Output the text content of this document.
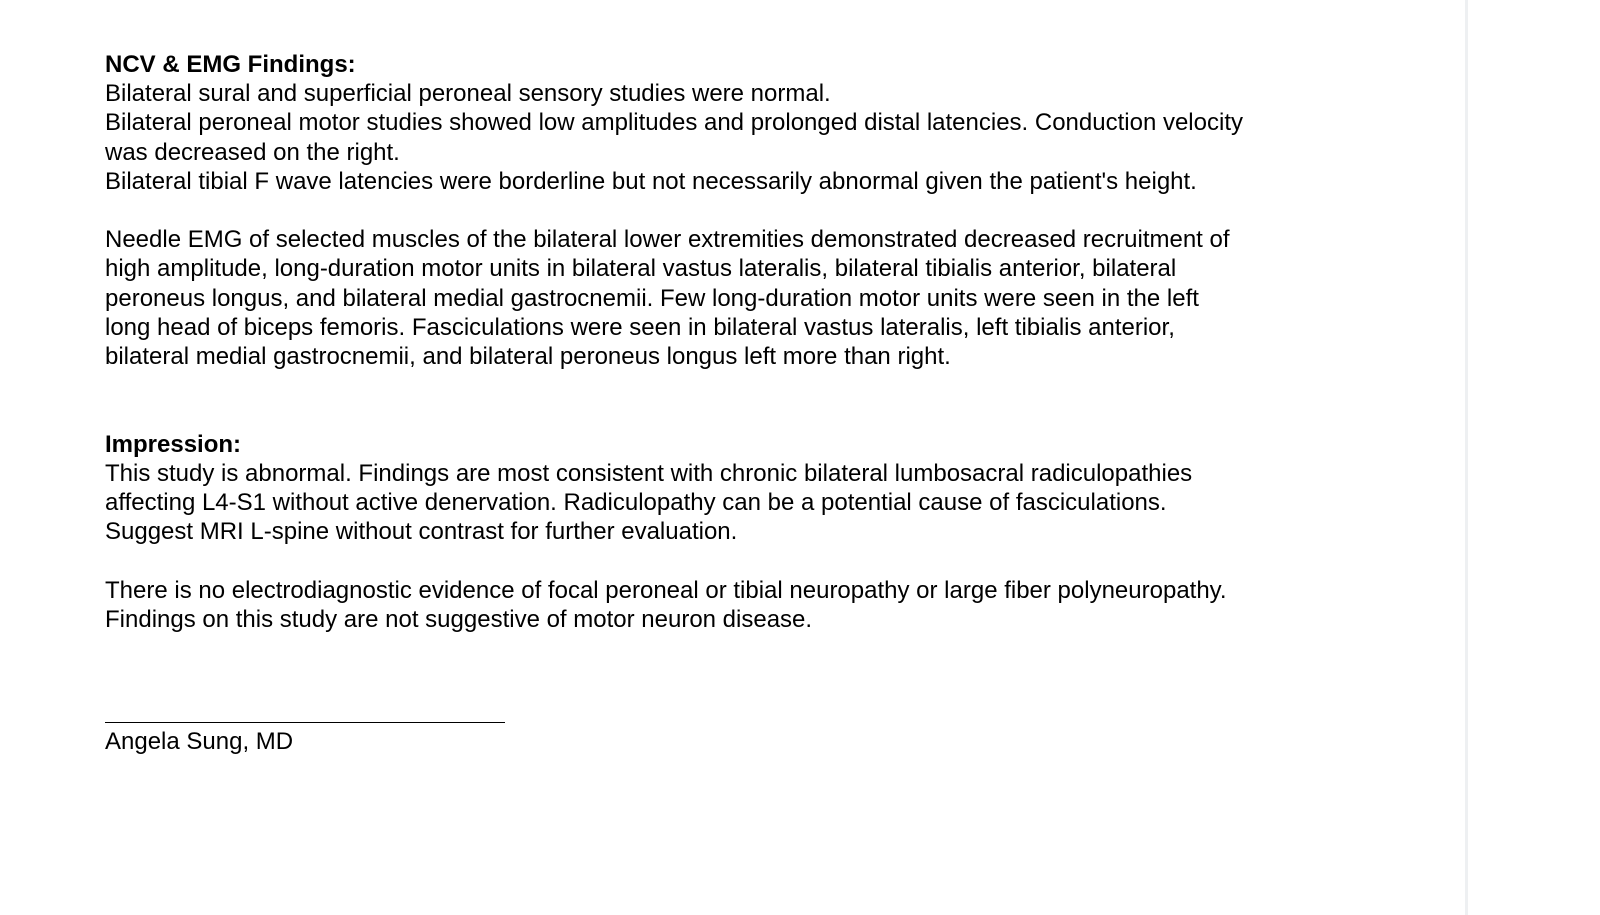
NCV & EMG Findings:
Bilateral sural and superficial peroneal sensory studies were normal.
Bilateral peroneal motor studies showed low amplitudes and prolonged distal latencies. Conduction velocity
was decreased on the right.
Bilateral tibial F wave latencies were borderline but not necessarily abnormal given the patient's height.
Needle EMG of selected muscles of the bilateral lower extremities demonstrated decreased recruitment of
high amplitude, long-duration motor units in bilateral vastus lateralis, bilateral tibialis anterior, bilateral
peroneus longus, and bilateral medial gastrocnemii. Few long-duration motor units were seen in the left
long head of biceps femoris. Fasciculations were seen in bilateral vastus lateralis, left tibialis anterior,
bilateral medial gastrocnemii, and bilateral peroneus longus left more than right.
Impression:
This study is abnormal. Findings are most consistent with chronic bilateral lumbosacral radiculopathies
affecting L4-S1 without active denervation. Radiculopathy can be a potential cause of fasciculations.
Suggest MRI L-spine without contrast for further evaluation.
There is no electrodiagnostic evidence of focal peroneal or tibial neuropathy or large fiber polyneuropathy.
Findings on this study are not suggestive of motor neuron disease.
Angela Sung, MD
